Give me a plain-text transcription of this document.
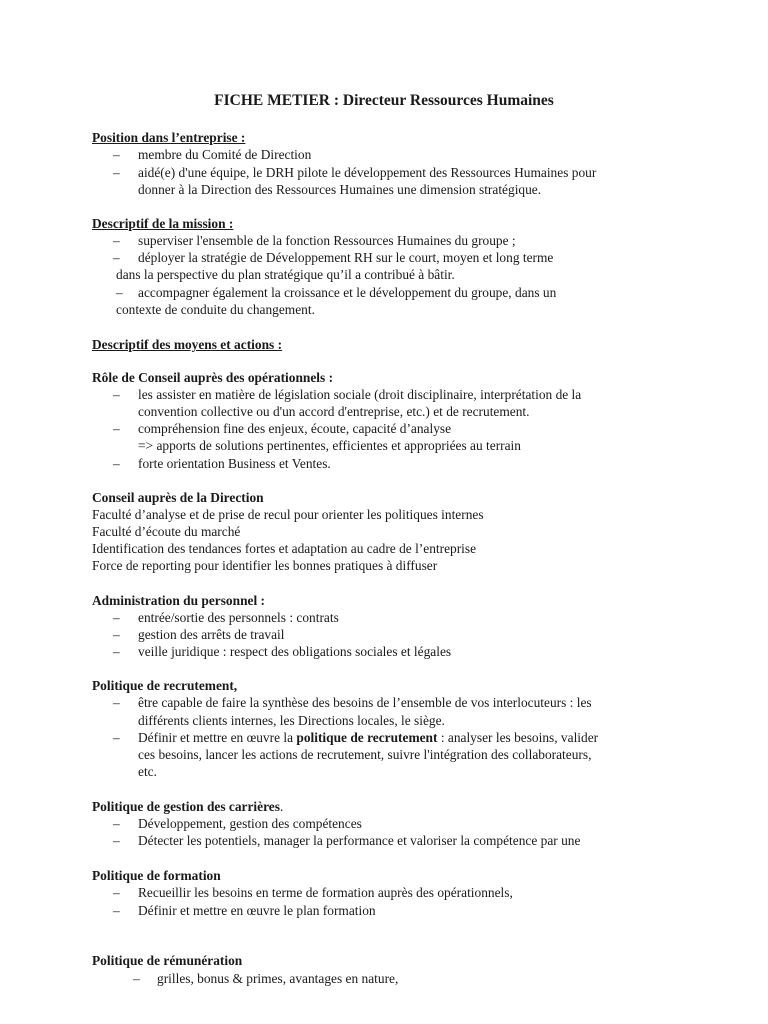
FICHE METIER : Directeur Ressources Humaines
Position dans l’entreprise :
– membre du Comité de Direction
– aidé(e) d'une équipe, le DRH pilote le développement des Ressources Humaines pour
donner à la Direction des Ressources Humaines une dimension stratégique.
Descriptif de la mission :
– superviser l'ensemble de la fonction Ressources Humaines du groupe ;
– déployer la stratégie de Développement RH sur le court, moyen et long terme
dans la perspective du plan stratégique qu’il a contribué à bâtir.
– accompagner également la croissance et le développement du groupe, dans un
contexte de conduite du changement.
Descriptif des moyens et actions :
Rôle de Conseil auprès des opérationnels :
– les assister en matière de législation sociale (droit disciplinaire, interprétation de la
convention collective ou d'un accord d'entreprise, etc.) et de recrutement.
– compréhension fine des enjeux, écoute, capacité d’analyse
=> apports de solutions pertinentes, efficientes et appropriées au terrain
– forte orientation Business et Ventes.
Conseil auprès de la Direction
Faculté d’analyse et de prise de recul pour orienter les politiques internes
Faculté d’écoute du marché
Identification des tendances fortes et adaptation au cadre de l’entreprise
Force de reporting pour identifier les bonnes pratiques à diffuser
Administration du personnel :
– entrée/sortie des personnels : contrats
– gestion des arrêts de travail
– veille juridique : respect des obligations sociales et légales
Politique de recrutement,
– être capable de faire la synthèse des besoins de l’ensemble de vos interlocuteurs : les
différents clients internes, les Directions locales, le siège.
– Définir et mettre en œuvre la politique de recrutement : analyser les besoins, valider
ces besoins, lancer les actions de recrutement, suivre l'intégration des collaborateurs,
etc.
Politique de gestion des carrières.
– Développement, gestion des compétences
– Détecter les potentiels, manager la performance et valoriser la compétence par une
Politique de formation
– Recueillir les besoins en terme de formation auprès des opérationnels,
– Définir et mettre en œuvre le plan formation
Politique de rémunération
– grilles, bonus & primes, avantages en nature,
